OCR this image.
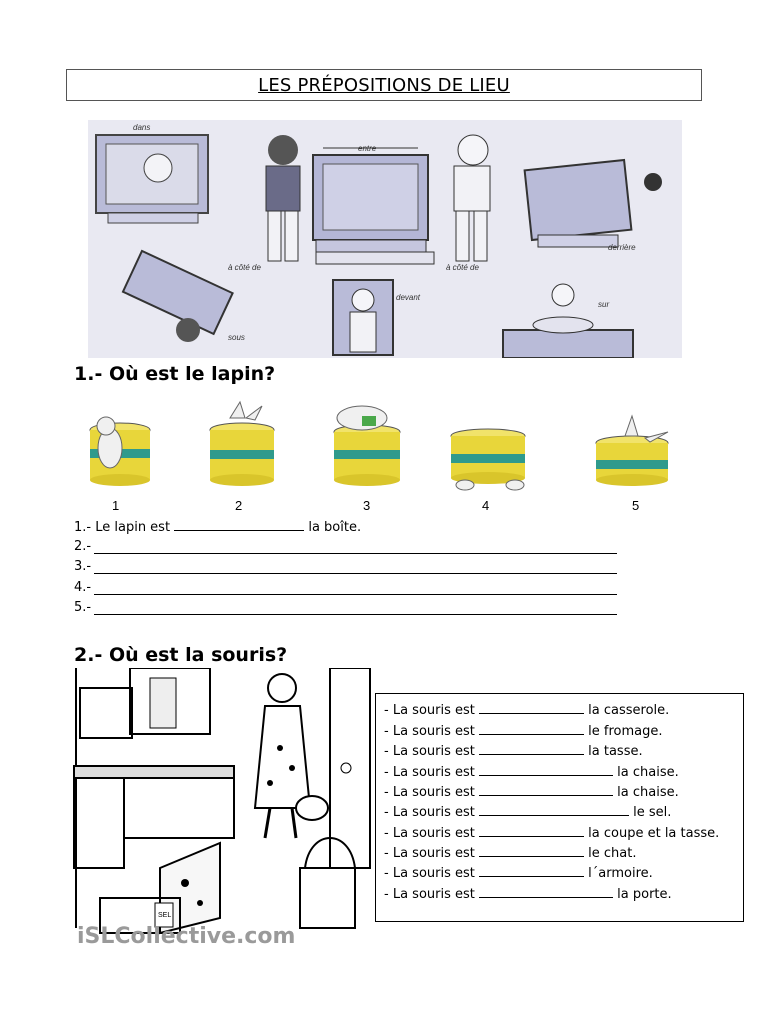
LES PRÉPOSITIONS DE LIEU
dans
entre
à côté de	à côté de
derrière
sous
devant
sur
1.- Où est le lapin?
1	2	3	4	5
1.- Le lapin est	la boîte.
2.-
3.-
4.-
5.-
2.- Où est la souris?
SEL
iSLCollective.com
- La souris est	la casserole.
- La souris est	le fromage.
- La souris est	la tasse.
- La souris est	la chaise.
- La souris est	la chaise.
- La souris est	le sel.
- La souris est	la coupe et la tasse.
- La souris est	le chat.
- La souris est	l´armoire.
- La souris est	la porte.
